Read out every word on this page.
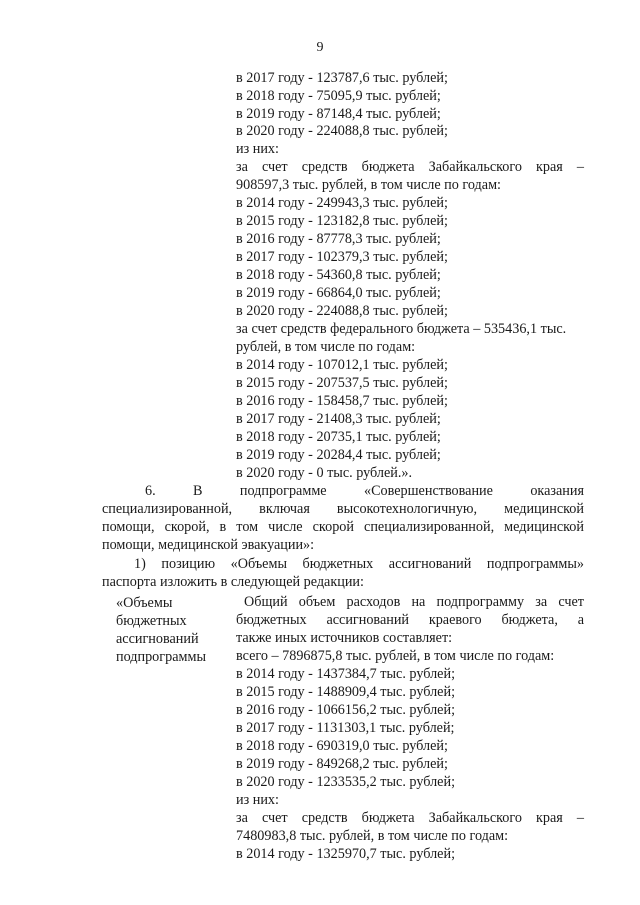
9
в 2017 году - 123787,6 тыс. рублей;
в 2018 году - 75095,9 тыс. рублей;
в 2019 году - 87148,4 тыс. рублей;
в 2020 году - 224088,8 тыс. рублей;
из них:
за счет средств бюджета Забайкальского края –
908597,3 тыс. рублей, в том числе по годам:
в 2014 году - 249943,3 тыс. рублей;
в 2015 году - 123182,8 тыс. рублей;
в 2016 году - 87778,3 тыс. рублей;
в 2017 году - 102379,3 тыс. рублей;
в 2018 году - 54360,8 тыс. рублей;
в 2019 году - 66864,0 тыс. рублей;
в 2020 году - 224088,8 тыс. рублей;
за счет средств федерального бюджета – 535436,1 тыс.
рублей, в том числе по годам:
в 2014 году - 107012,1 тыс. рублей;
в 2015 году - 207537,5 тыс. рублей;
в 2016 году - 158458,7 тыс. рублей;
в 2017 году - 21408,3 тыс. рублей;
в 2018 году - 20735,1 тыс. рублей;
в 2019 году - 20284,4 тыс. рублей;
в 2020 году - 0 тыс. рублей.».
6. В подпрограмме «Совершенствование оказания
специализированной, включая высокотехнологичную, медицинской
помощи, скорой, в том числе скорой специализированной, медицинской
помощи, медицинской эвакуации»:
1) позицию «Объемы бюджетных ассигнований подпрограммы»
паспорта изложить в следующей редакции:
«Объемы
бюджетных
ассигнований
подпрограммы
Общий объем расходов на подпрограмму за счет
бюджетных ассигнований краевого бюджета, а
также иных источников составляет:
всего – 7896875,8 тыс. рублей, в том числе по годам:
в 2014 году - 1437384,7 тыс. рублей;
в 2015 году - 1488909,4 тыс. рублей;
в 2016 году - 1066156,2 тыс. рублей;
в 2017 году - 1131303,1 тыс. рублей;
в 2018 году - 690319,0 тыс. рублей;
в 2019 году - 849268,2 тыс. рублей;
в 2020 году - 1233535,2 тыс. рублей;
из них:
за счет средств бюджета Забайкальского края –
7480983,8 тыс. рублей, в том числе по годам:
в 2014 году - 1325970,7 тыс. рублей;
